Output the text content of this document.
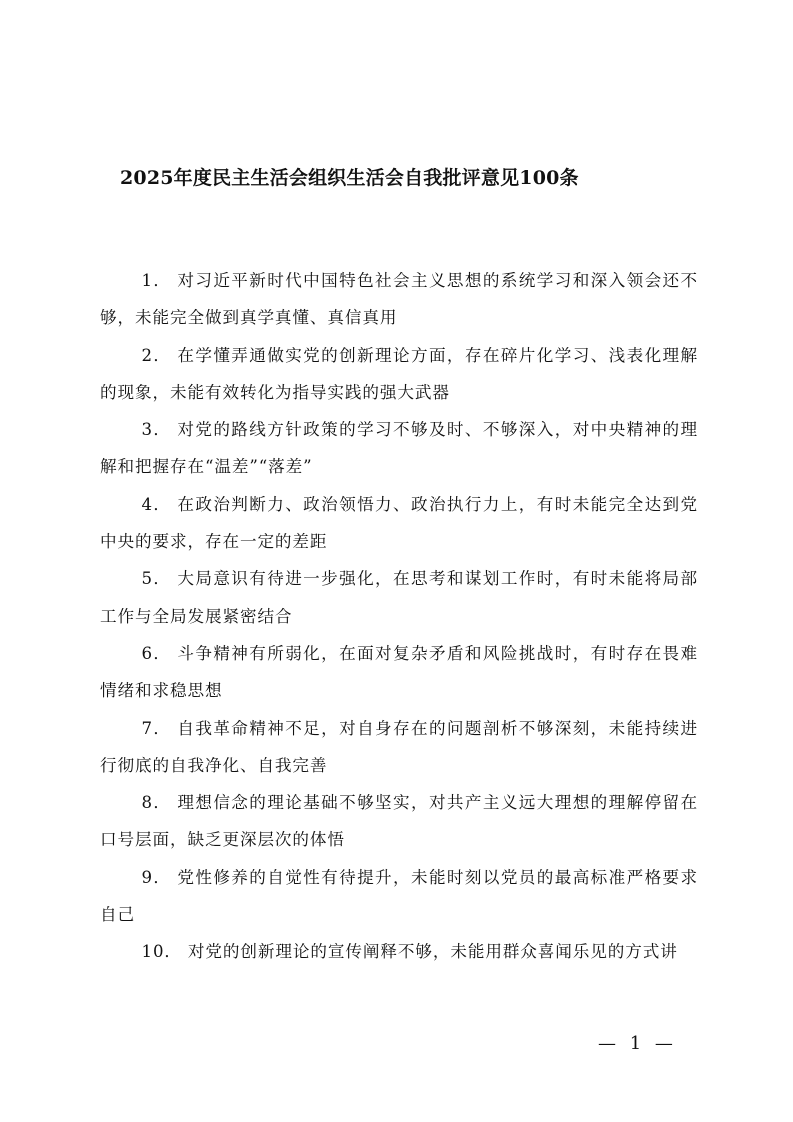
2025年度民主生活会组织生活会自我批评意见100条
1． 对习近平新时代中国特色社会主义思想的系统学习和深入领会还不够，未能完全做到真学真懂、真信真用
2． 在学懂弄通做实党的创新理论方面，存在碎片化学习、浅表化理解的现象，未能有效转化为指导实践的强大武器
3． 对党的路线方针政策的学习不够及时、不够深入，对中央精神的理解和把握存在“温差”“落差”
4． 在政治判断力、政治领悟力、政治执行力上，有时未能完全达到党中央的要求，存在一定的差距
5． 大局意识有待进一步强化，在思考和谋划工作时，有时未能将局部工作与全局发展紧密结合
6． 斗争精神有所弱化，在面对复杂矛盾和风险挑战时，有时存在畏难情绪和求稳思想
7． 自我革命精神不足，对自身存在的问题剖析不够深刻，未能持续进行彻底的自我净化、自我完善
8． 理想信念的理论基础不够坚实，对共产主义远大理想的理解停留在口号层面，缺乏更深层次的体悟
9． 党性修养的自觉性有待提升，未能时刻以党员的最高标准严格要求自己
10． 对党的创新理论的宣传阐释不够，未能用群众喜闻乐见的方式讲
— 1 —
